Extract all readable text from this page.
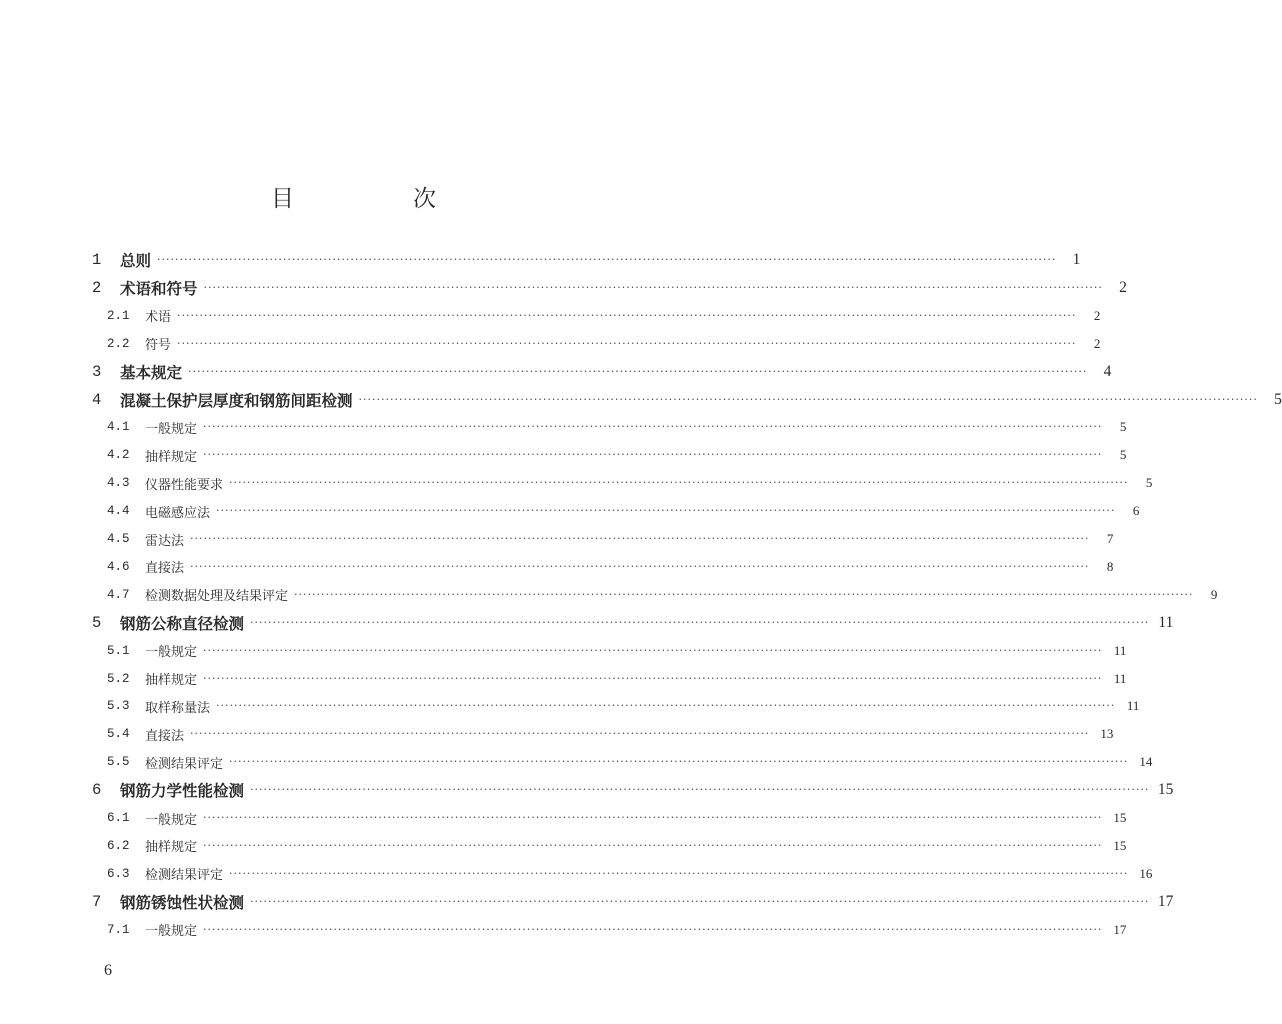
目　次
1	总则 ········································································································································································································	1
2	术语和符号 ········································································································································································································	2
2.1	术语 ········································································································································································································	2
2.2	符号 ········································································································································································································	2
3	基本规定 ········································································································································································································	4
4	混凝土保护层厚度和钢筋间距检测 ········································································································································································································	5
4.1	一般规定 ········································································································································································································	5
4.2	抽样规定 ········································································································································································································	5
4.3	仪器性能要求 ········································································································································································································	5
4.4	电磁感应法 ········································································································································································································	6
4.5	雷达法 ········································································································································································································	7
4.6	直接法 ········································································································································································································	8
4.7	检测数据处理及结果评定 ········································································································································································································	9
5	钢筋公称直径检测 ········································································································································································································ 11
5.1	一般规定 ········································································································································································································ 11
5.2	抽样规定 ········································································································································································································ 11
5.3	取样称量法 ········································································································································································································ 11
5.4	直接法 ········································································································································································································ 13
5.5	检测结果评定 ········································································································································································································ 14
6	钢筋力学性能检测 ········································································································································································································ 15
6.1	一般规定 ········································································································································································································ 15
6.2	抽样规定 ········································································································································································································ 15
6.3	检测结果评定 ········································································································································································································ 16
7	钢筋锈蚀性状检测 ········································································································································································································ 17
7.1	一般规定 ········································································································································································································ 17
6
